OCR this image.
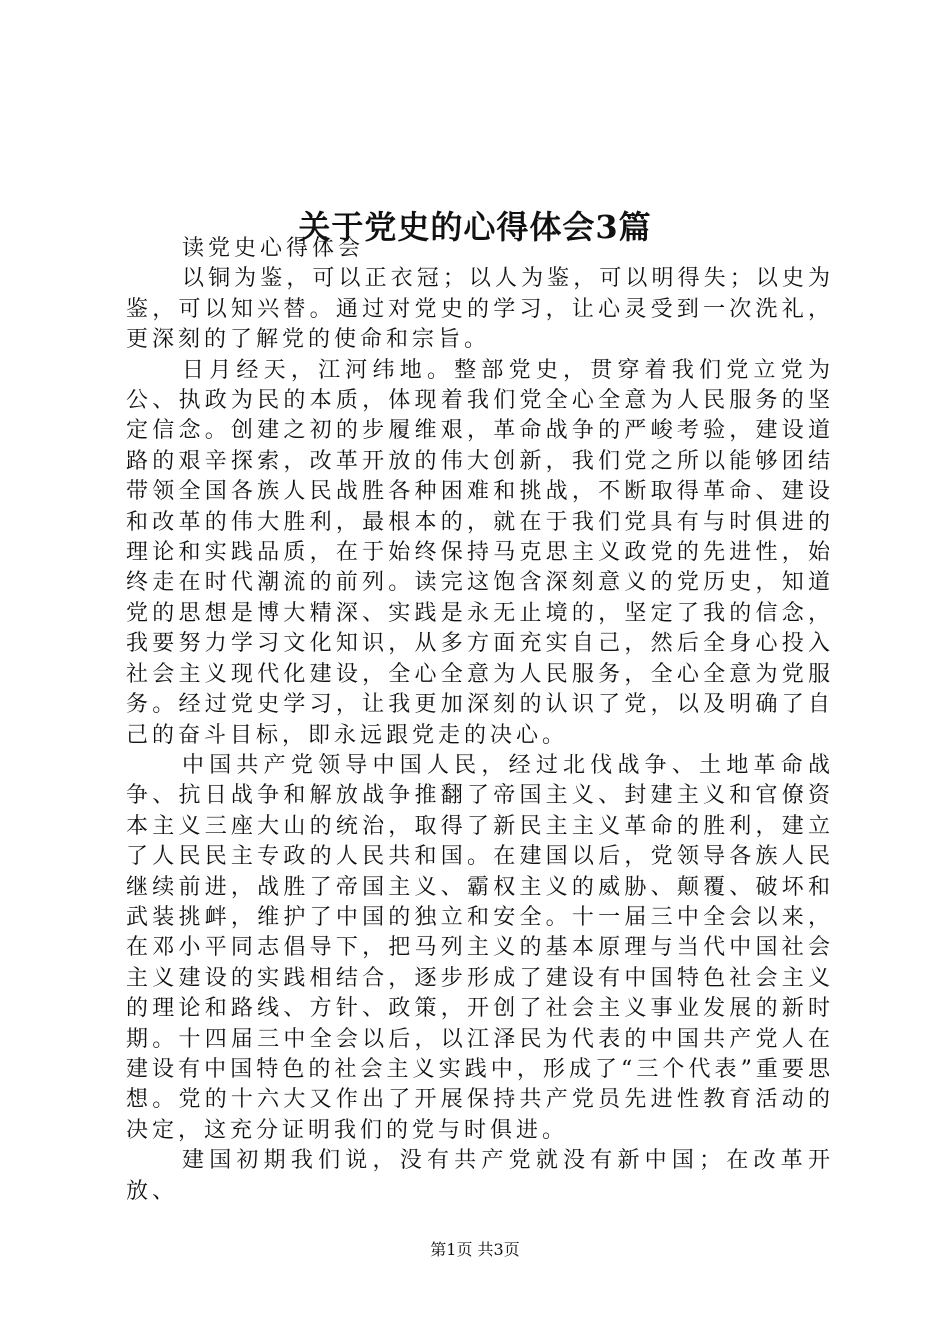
关于党史的心得体会3篇

读党史心得体会

以铜为鉴，可以正衣冠；以人为鉴，可以明得失；以史为鉴，可以知兴替。通过对党史的学习，让心灵受到一次洗礼，更深刻的了解党的使命和宗旨。

日月经天，江河纬地。整部党史，贯穿着我们党立党为公、执政为民的本质，体现着我们党全心全意为人民服务的坚定信念。创建之初的步履维艰，革命战争的严峻考验，建设道路的艰辛探索，改革开放的伟大创新，我们党之所以能够团结带领全国各族人民战胜各种困难和挑战，不断取得革命、建设和改革的伟大胜利，最根本的，就在于我们党具有与时俱进的理论和实践品质，在于始终保持马克思主义政党的先进性，始终走在时代潮流的前列。读完这饱含深刻意义的党历史，知道党的思想是博大精深、实践是永无止境的，坚定了我的信念，我要努力学习文化知识，从多方面充实自己，然后全身心投入社会主义现代化建设，全心全意为人民服务，全心全意为党服务。经过党史学习，让我更加深刻的认识了党，以及明确了自己的奋斗目标，即永远跟党走的决心。

中国共产党领导中国人民，经过北伐战争、土地革命战争、抗日战争和解放战争推翻了帝国主义、封建主义和官僚资本主义三座大山的统治，取得了新民主主义革命的胜利，建立了人民民主专政的人民共和国。在建国以后，党领导各族人民继续前进，战胜了帝国主义、霸权主义的威胁、颠覆、破坏和武装挑衅，维护了中国的独立和安全。十一届三中全会以来，在邓小平同志倡导下，把马列主义的基本原理与当代中国社会主义建设的实践相结合，逐步形成了建设有中国特色社会主义的理论和路线、方针、政策，开创了社会主义事业发展的新时期。十四届三中全会以后，以江泽民为代表的中国共产党人在建设有中国特色的社会主义实践中，形成了“三个代表”重要思想。党的十六大又作出了开展保持共产党员先进性教育活动的决定，这充分证明我们的党与时俱进。

建国初期我们说，没有共产党就没有新中国；在改革开放、

第1页 共3页
